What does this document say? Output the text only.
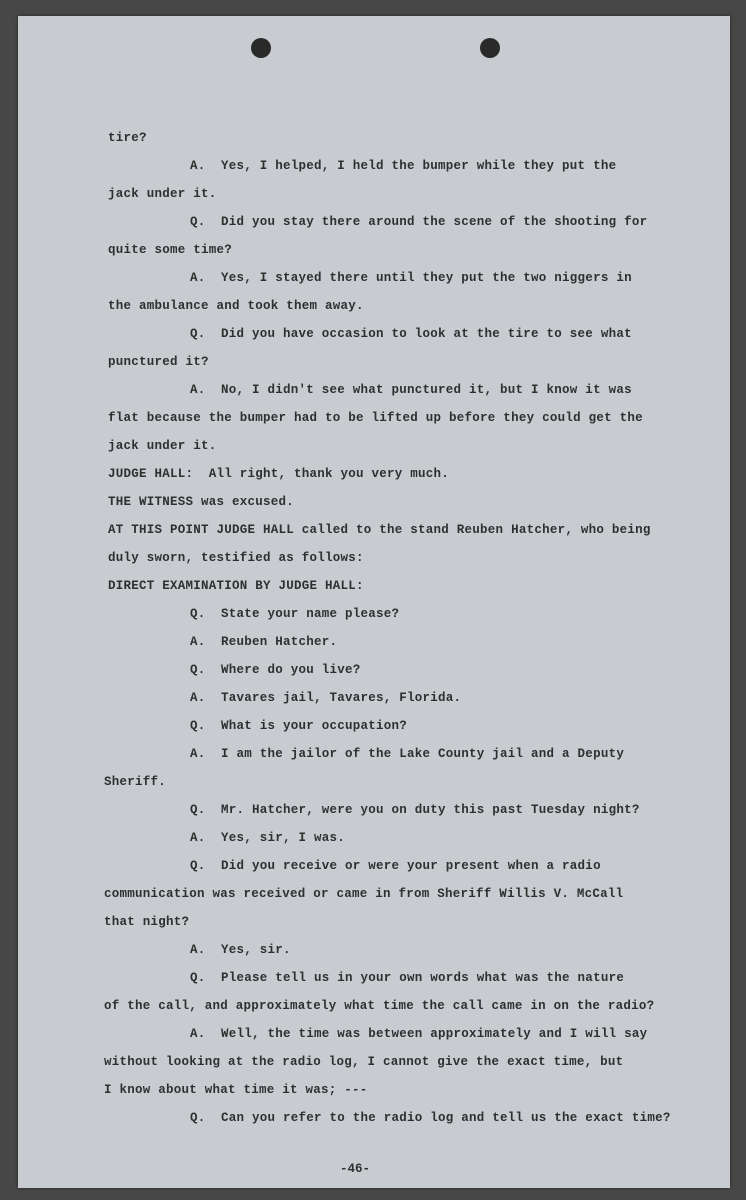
tire?
A.  Yes, I helped, I held the bumper while they put the
jack under it.
Q.  Did you stay there around the scene of the shooting for
quite some time?
A.  Yes, I stayed there until they put the two niggers in
the ambulance and took them away.
Q.  Did you have occasion to look at the tire to see what
punctured it?
A.  No, I didn't see what punctured it, but I know it was
flat because the bumper had to be lifted up before they could get the
jack under it.
JUDGE HALL:  All right, thank you very much.
THE WITNESS was excused.
AT THIS POINT JUDGE HALL called to the stand Reuben Hatcher, who being
duly sworn, testified as follows:
DIRECT EXAMINATION BY JUDGE HALL:
Q.  State your name please?
A.  Reuben Hatcher.
Q.  Where do you live?
A.  Tavares jail, Tavares, Florida.
Q.  What is your occupation?
A.  I am the jailor of the Lake County jail and a Deputy
Sheriff.
Q.  Mr. Hatcher, were you on duty this past Tuesday night?
A.  Yes, sir, I was.
Q.  Did you receive or were your present when a radio
communication was received or came in from Sheriff Willis V. McCall
that night?
A.  Yes, sir.
Q.  Please tell us in your own words what was the nature
of the call, and approximately what time the call came in on the radio?
A.  Well, the time was between approximately and I will say
without looking at the radio log, I cannot give the exact time, but
I know about what time it was; ---
Q.  Can you refer to the radio log and tell us the exact time?
-46-
